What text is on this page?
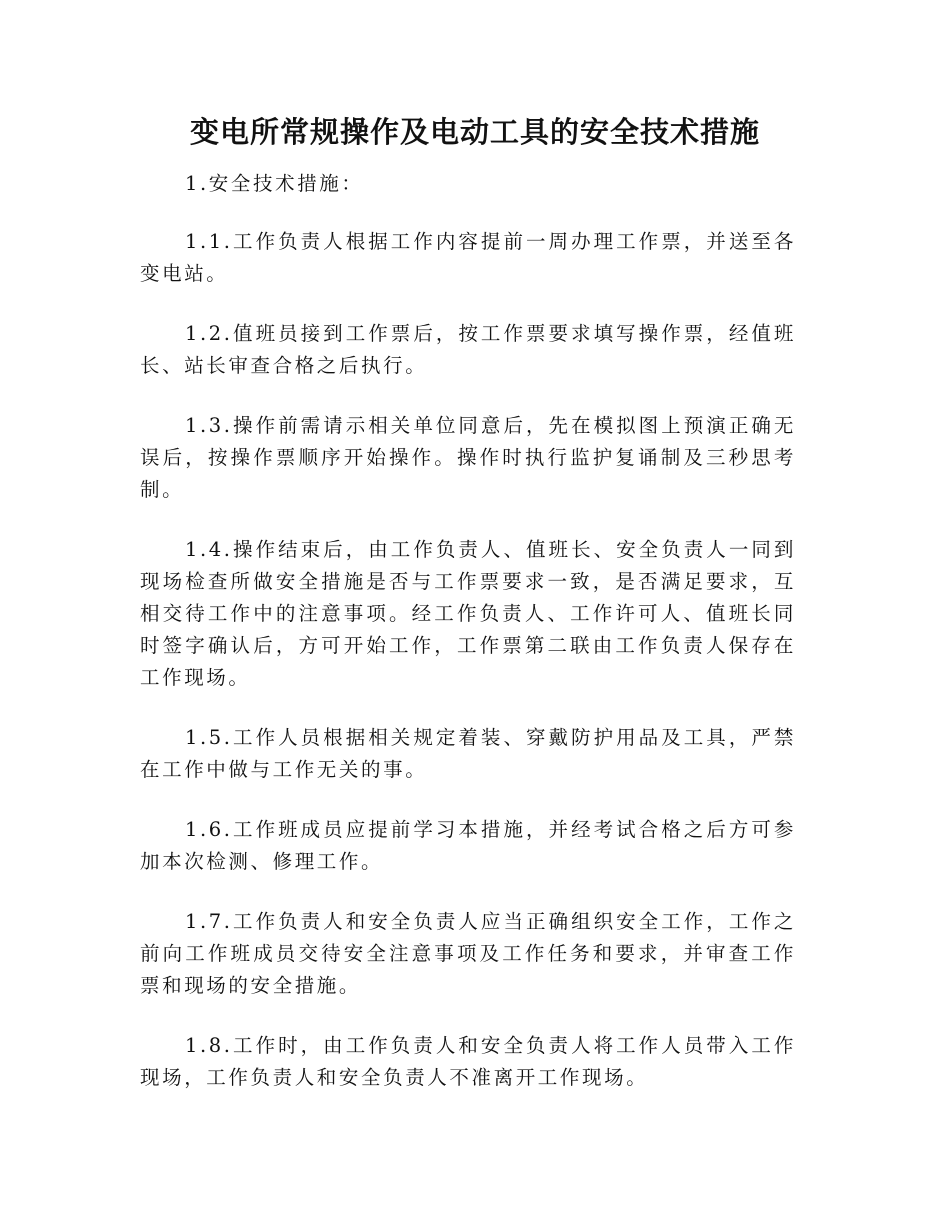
变电所常规操作及电动工具的安全技术措施

1.安全技术措施：

1.1.工作负责人根据工作内容提前一周办理工作票，并送至各变电站。

1.2.值班员接到工作票后，按工作票要求填写操作票，经值班长、站长审查合格之后执行。

1.3.操作前需请示相关单位同意后，先在模拟图上预演正确无误后，按操作票顺序开始操作。操作时执行监护复诵制及三秒思考制。

1.4.操作结束后，由工作负责人、值班长、安全负责人一同到现场检查所做安全措施是否与工作票要求一致，是否满足要求，互相交待工作中的注意事项。经工作负责人、工作许可人、值班长同时签字确认后，方可开始工作，工作票第二联由工作负责人保存在工作现场。

1.5.工作人员根据相关规定着装、穿戴防护用品及工具，严禁在工作中做与工作无关的事。

1.6.工作班成员应提前学习本措施，并经考试合格之后方可参加本次检测、修理工作。

1.7.工作负责人和安全负责人应当正确组织安全工作，工作之前向工作班成员交待安全注意事项及工作任务和要求，并审查工作票和现场的安全措施。

1.8.工作时，由工作负责人和安全负责人将工作人员带入工作现场，工作负责人和安全负责人不准离开工作现场。
